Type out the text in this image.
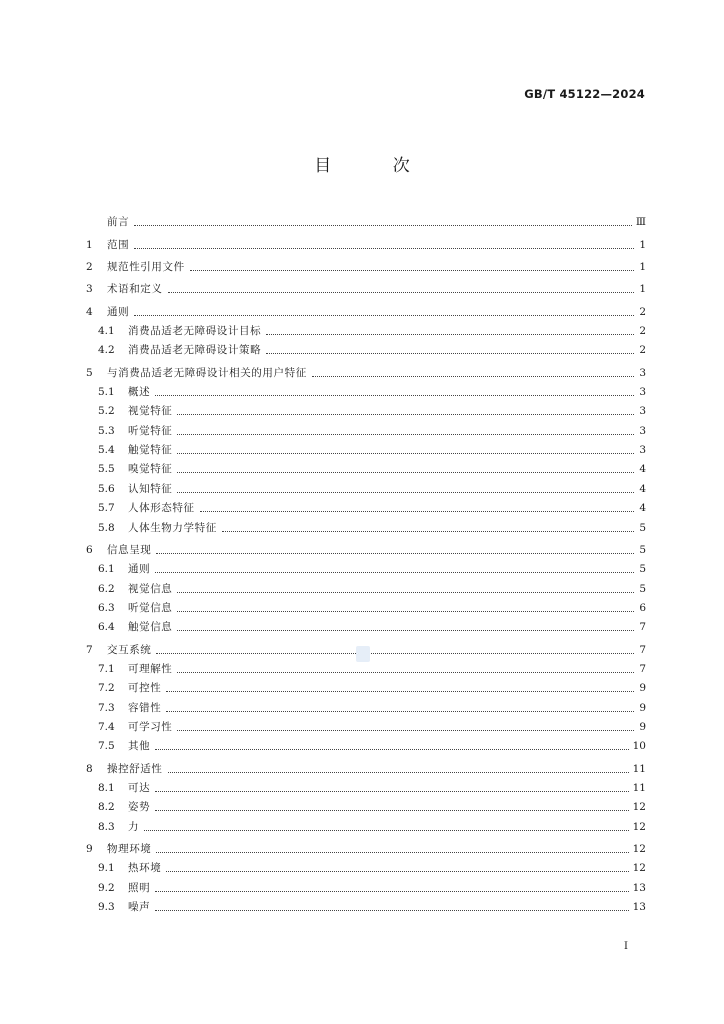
GB/T 45122—2024
目 次
前言	Ⅲ
1	范围	1
2	规范性引用文件	1
3	术语和定义	1
4	通则	2
4.1	消费品适老无障碍设计目标	2
4.2	消费品适老无障碍设计策略	2
5	与消费品适老无障碍设计相关的用户特征	3
5.1	概述	3
5.2	视觉特征	3
5.3	听觉特征	3
5.4	触觉特征	3
5.5	嗅觉特征	4
5.6	认知特征	4
5.7	人体形态特征	4
5.8	人体生物力学特征	5
6	信息呈现	5
6.1	通则	5
6.2	视觉信息	5
6.3	听觉信息	6
6.4	触觉信息	7
7	交互系统	7
7.1	可理解性	7
7.2	可控性	9
7.3	容错性	9
7.4	可学习性	9
7.5	其他	10
8	操控舒适性	11
8.1	可达	11
8.2	姿势	12
8.3	力	12
9	物理环境	12
9.1	热环境	12
9.2	照明	13
9.3	噪声	13
I
